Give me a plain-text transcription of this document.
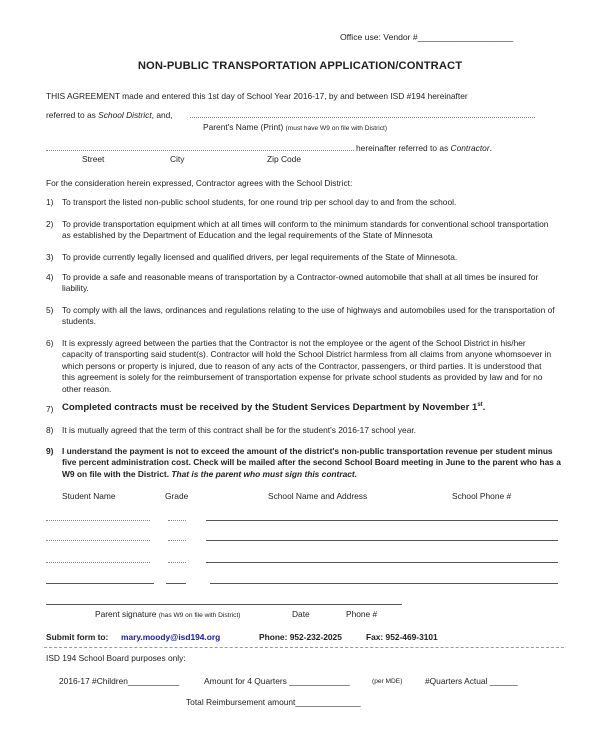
Office use: Vendor #____________________
NON-PUBLIC TRANSPORTATION APPLICATION/CONTRACT
THIS AGREEMENT made and entered this 1st day of School Year 2016-17, by and between ISD #194 hereinafter
referred to as School District, and,
Parent's Name (Print) (must have W9 on file with District)
hereinafter referred to as Contractor.
Street	City	Zip Code
For the consideration herein expressed, Contractor agrees with the School District:
1)	To transport the listed non-public school students, for one round trip per school day to and from the school.
2)	To provide transportation equipment which at all times will conform to the minimum standards for conventional school transportation as established by the Department of Education and the legal requirements of the State of Minnesota
3)	To provide currently legally licensed and qualified drivers, per legal requirements of the State of Minnesota.
4)	To provide a safe and reasonable means of transportation by a Contractor-owned automobile that shall at all times be insured for liability.
5)	To comply with all the laws, ordinances and regulations relating to the use of highways and automobiles used for the transportation of students.
6)	It is expressly agreed between the parties that the Contractor is not the employee or the agent of the School District in his/her capacity of transporting said student(s). Contractor will hold the School District harmless from all claims from anyone whomsoever in which persons or property is injured, due to reason of any acts of the Contractor, passengers, or third parties. It is understood that this agreement is solely for the reimbursement of transportation expense for private school students as provided by law and for no other reason.
7) Completed contracts must be received by the Student Services Department by November 1st.
8)	It is mutually agreed that the term of this contract shall be for the student's 2016-17 school year.
9)	I understand the payment is not to exceed the amount of the district's non-public transportation revenue per student minus five percent administration cost. Check will be mailed after the second School Board meeting in June to the parent who has a W9 on file with the District. That is the parent who must sign this contract.
Student Name	Grade	School Name and Address	School Phone #
Parent signature (has W9 on file with District)	Date	Phone #
Submit form to: mary.moody@isd194.org	Phone: 952-232-2025	Fax: 952-469-3101
ISD 194 School Board purposes only:
2016-17 #Children___________	Amount for 4 Quarters _____________	(per MDE)	#Quarters Actual ______
Total Reimbursement amount______________
